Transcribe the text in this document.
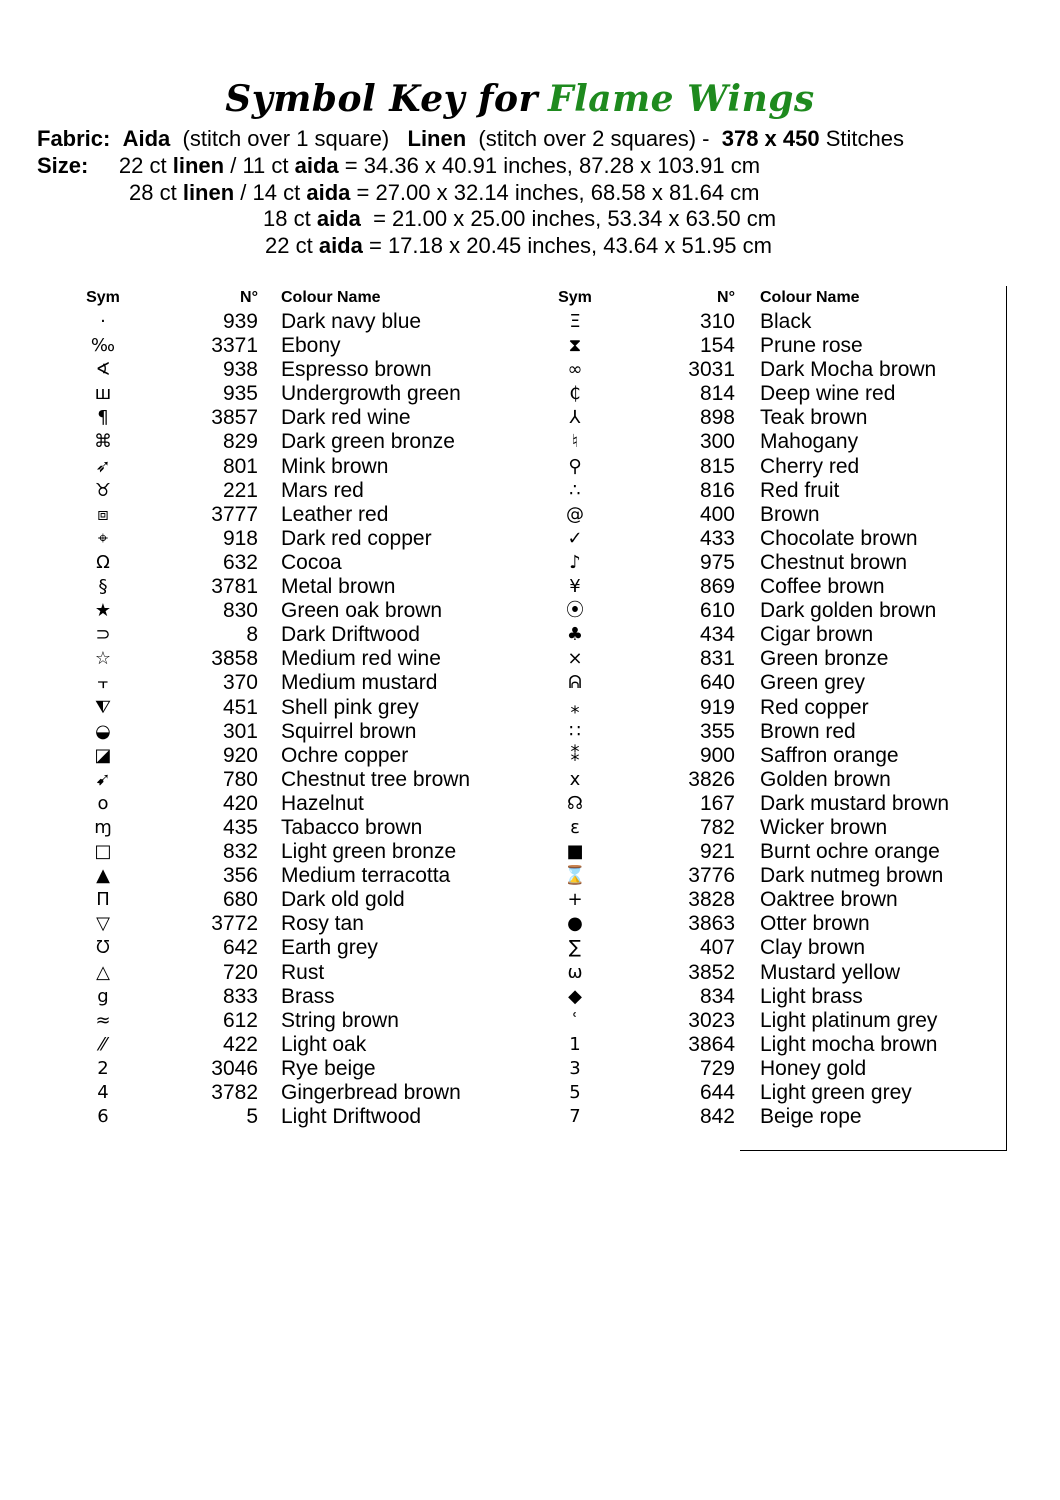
Symbol Key for Flame Wings
Fabric: Aida (stitch over 1 square) Linen (stitch over 2 squares) - 378 x 450 Stitches
Size: 22 ct linen / 11 ct aida = 34.36 x 40.91 inches, 87.28 x 103.91 cm
28 ct linen / 14 ct aida = 27.00 x 32.14 inches, 68.58 x 81.64 cm
18 ct aida  = 21.00 x 25.00 inches, 53.34 x 63.50 cm
22 ct aida = 17.18 x 20.45 inches, 43.64 x 51.95 cm
Sym	N° Colour Name
·	939 Dark navy blue
‰	3371 Ebony
∢	938 Espresso brown
ш	935 Undergrowth green
¶	3857 Dark red wine
⌘	829 Dark green bronze
➶	801 Mink brown
♉	221 Mars red
⧈	3777 Leather red
⌖	918 Dark red copper
Ω	632 Cocoa
§	3781 Metal brown
★	830 Green oak brown
⊃	8 Dark Driftwood
☆	3858 Medium red wine
⫟	370 Medium mustard
⧨	451 Shell pink grey
◒	301 Squirrel brown
◪	920 Ochre copper
➹	780 Chestnut tree brown
o	420 Hazelnut
ɱ	435 Tabacco brown
□	832 Light green bronze
▲	356 Medium terracotta
Π	680 Dark old gold
▽	3772 Rosy tan
ᘮ	642 Earth grey
△	720 Rust
g	833 Brass
≈	612 String brown
⁄⁄	422 Light oak
2	3046 Rye beige
4	3782 Gingerbread brown
6	5 Light Driftwood
Sym	N° Colour Name
Ξ	310 Black
⧗	154 Prune rose
∞	3031 Dark Mocha brown
₵	814 Deep wine red
⅄	898 Teak brown
♮	300 Mahogany
⚲	815 Cherry red
∴	816 Red fruit
@	400 Brown
✓	433 Chocolate brown
♪	975 Chestnut brown
¥	869 Coffee brown
⦿	610 Dark golden brown
♣	434 Cigar brown
⨯	831 Green bronze
ᕱ	640 Green grey
⁎	919 Red copper
∷	355 Brown red
⁑	900 Saffron orange
x	3826 Golden brown
☊	167 Dark mustard brown
ɛ	782 Wicker brown
■	921 Burnt ochre orange
⌛	3776 Dark nutmeg brown
+	3828 Oaktree brown
●	3863 Otter brown
∑	407 Clay brown
ω	3852 Mustard yellow
◆	834 Light brass
ʿ	3023 Light platinum grey
1	3864 Light mocha brown
3	729 Honey gold
5	644 Light green grey
7	842 Beige rope
